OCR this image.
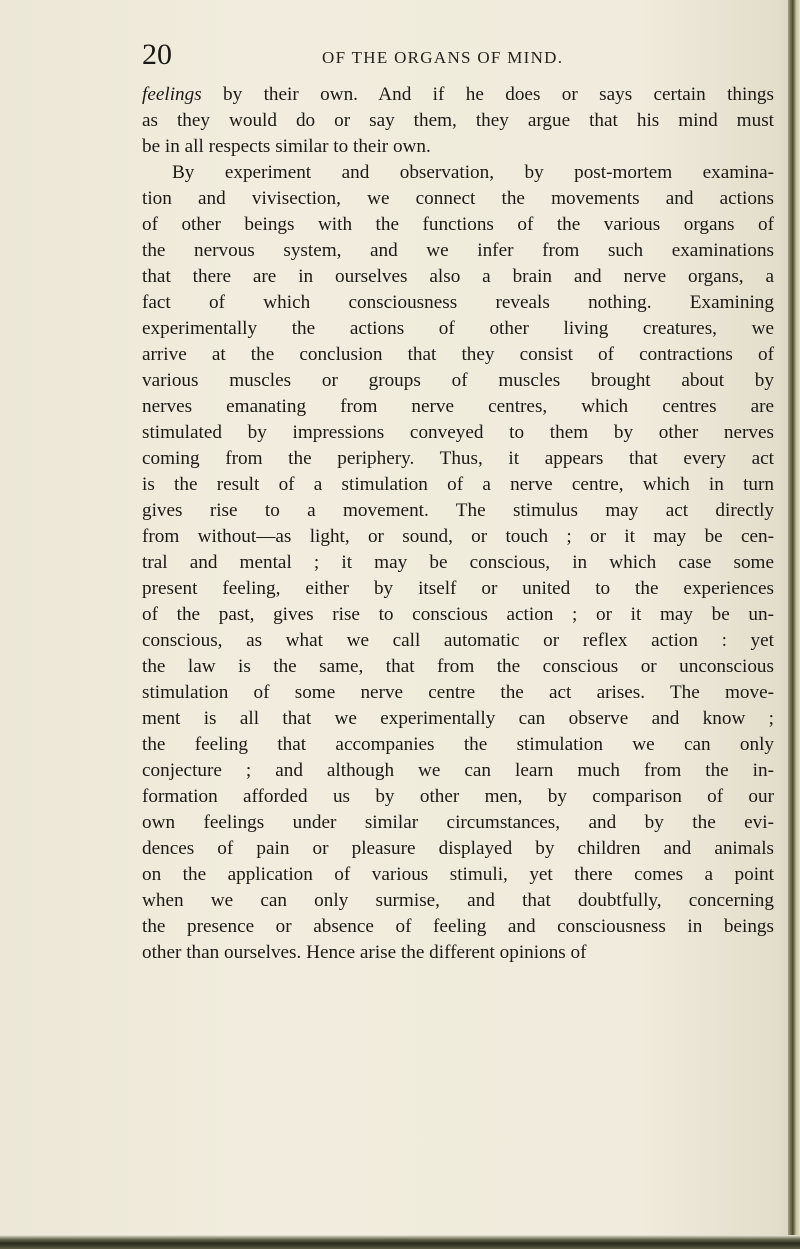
20	OF THE ORGANS OF MIND.
feelings by their own. And if he does or says certain things
as they would do or say them, they argue that his mind must
be in all respects similar to their own.
By experiment and observation, by post-mortem examina-
tion and vivisection, we connect the movements and actions
of other beings with the functions of the various organs of
the nervous system, and we infer from such examinations
that there are in ourselves also a brain and nerve organs, a
fact of which consciousness reveals nothing. Examining
experimentally the actions of other living creatures, we
arrive at the conclusion that they consist of contractions of
various muscles or groups of muscles brought about by
nerves emanating from nerve centres, which centres are
stimulated by impressions conveyed to them by other nerves
coming from the periphery. Thus, it appears that every act
is the result of a stimulation of a nerve centre, which in turn
gives rise to a movement. The stimulus may act directly
from without—as light, or sound, or touch ; or it may be cen-
tral and mental ; it may be conscious, in which case some
present feeling, either by itself or united to the experiences
of the past, gives rise to conscious action ; or it may be un-
conscious, as what we call automatic or reflex action : yet
the law is the same, that from the conscious or unconscious
stimulation of some nerve centre the act arises. The move-
ment is all that we experimentally can observe and know ;
the feeling that accompanies the stimulation we can only
conjecture ; and although we can learn much from the in-
formation afforded us by other men, by comparison of our
own feelings under similar circumstances, and by the evi-
dences of pain or pleasure displayed by children and animals
on the application of various stimuli, yet there comes a point
when we can only surmise, and that doubtfully, concerning
the presence or absence of feeling and consciousness in beings
other than ourselves. Hence arise the different opinions of
